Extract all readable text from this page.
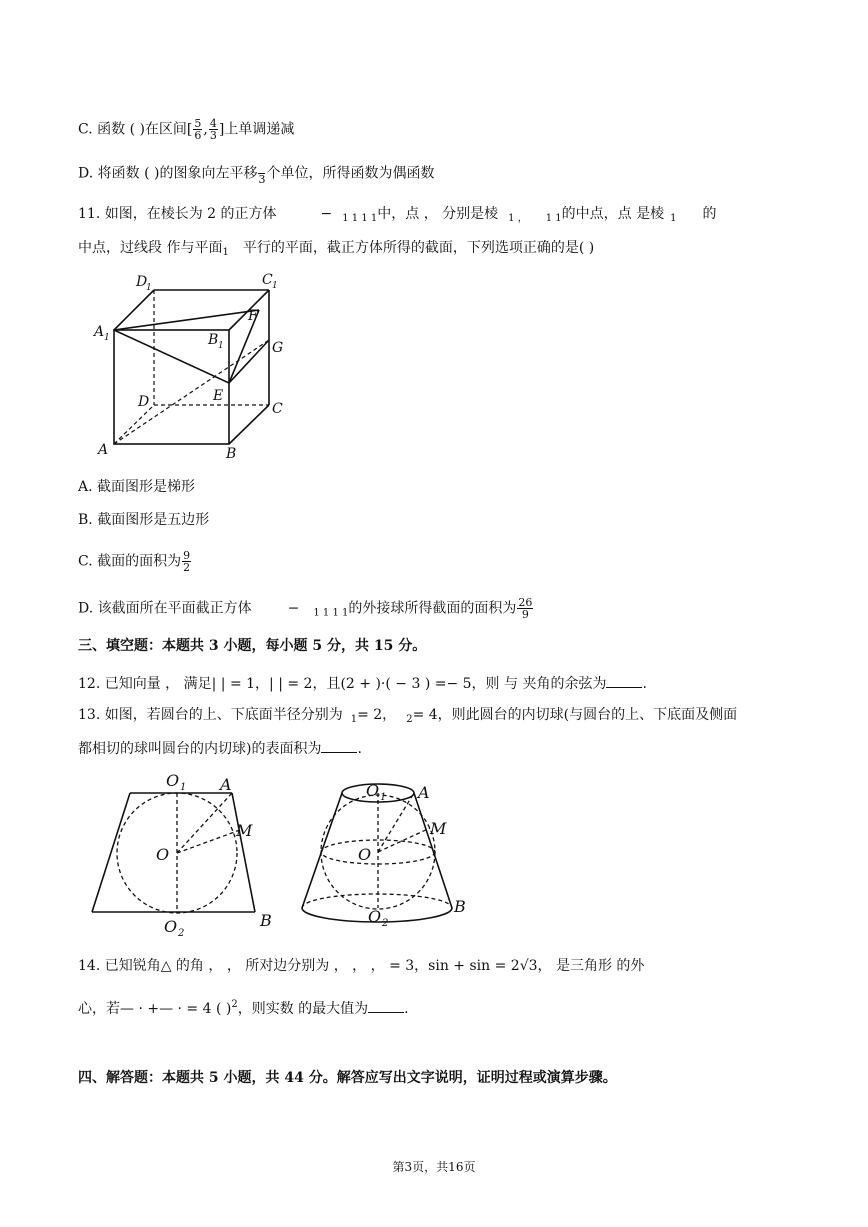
C. 函数 ( )在区间[ $\frac{5}{6}$ , $\frac{4}{3}$ ]上单调递减
D. 将函数 ( )的图象向左平移
3 个单位，所得函数为偶函数
11. 如图，在棱长为 2 的正方体	− $_{1 1 1 1}$中，点 ， 分别是棱 $_{1 ,}$ $_{1 1}$的中点，点 是棱 $_1$ 的
中点，过线段 作与平面$_1$ 平行的平面，截正方体所得的截面，下列选项正确的是( )
D
1	C 1
A 1	B 1
F
G
D	E
C
A	B
A. 截面图形是梯形
B. 截面图形是五边形
C. 截面的面积为 $\frac{9}{2}$
D. 该截面所在平面截正方体	− $_{1 1 1 1}$的外接球所得截面的面积为 $\frac{26}{9}$
三、填空题：本题共 3 小题，每小题 5 分，共 15 分。
12. 已知向量 ， 满足| | = 1，| | = 2，且(2 + )·( − 3 ) =− 5，则 与 夹角的余弦为	.
13. 如图，若圆台的上、下底面半径分别为 $_1$= 2， $_2$= 4，则此圆台的内切球(与圆台的上、下底面及侧面
都相切的球叫圆台的内切球)的表面积为	.
O 1 A
M
O
O 2
B
O 1 A
M
O
O 2
B
14. 已知锐角△ 的角 ， ， 所对边分别为 ， ， ， = 3，sin + sin = 2√3， 是三角形 的外
心，若— · +— · = 4 ( )$^2$，则实数 的最大值为	.
四、解答题：本题共 5 小题，共 44 分。解答应写出文字说明，证明过程或演算步骤。
第3页，共16页
